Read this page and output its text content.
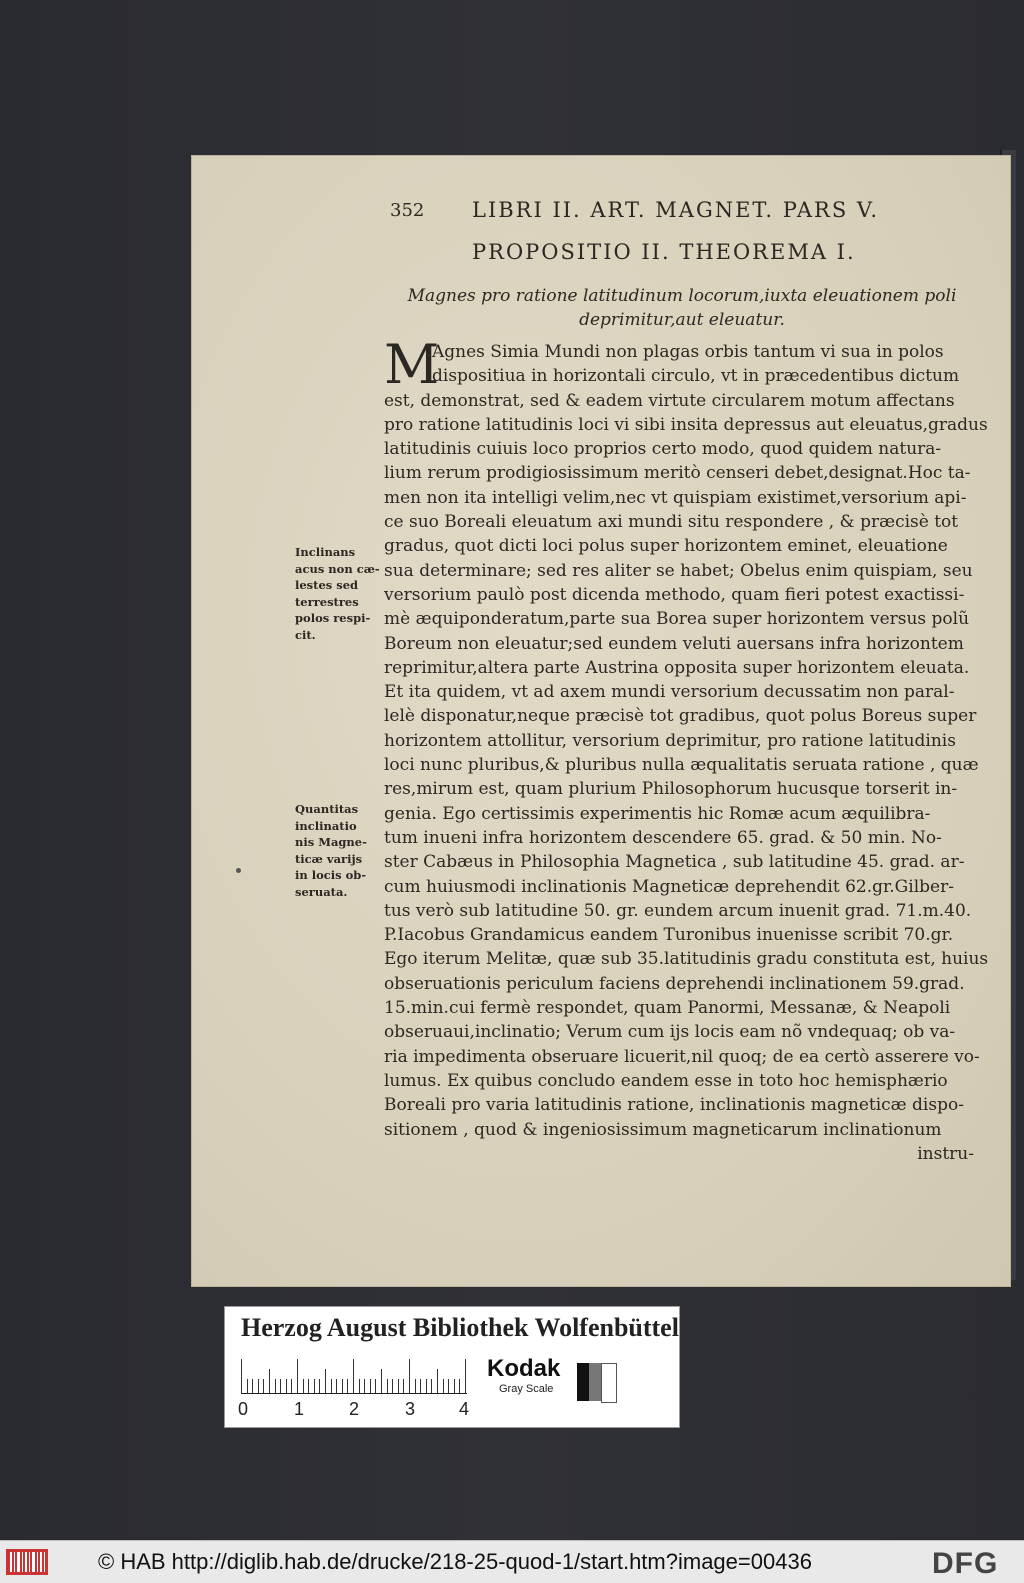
352 LIBRI II. ART. MAGNET. PARS V.
PROPOSITIO II. THEOREMA I.
Magnes pro ratione latitudinum locorum,iuxta eleuationem poli
deprimitur,aut eleuatur.
Inclinans
acus non cæ-
lestes sed
terrestres
polos respi-
cit.
Quantitas
inclinatio
nis Magne-
ticæ varijs
in locis ob-
seruata.
M
Agnes Simia Mundi non plagas orbis tantum vi sua in polos
dispositiua in horizontali circulo, vt in præcedentibus dictum
est, demonstrat, sed & eadem virtute circularem motum affectans
pro ratione latitudinis loci vi sibi insita depressus aut eleuatus,gradus
latitudinis cuiuis loco proprios certo modo, quod quidem natura-
lium rerum prodigiosissimum meritò censeri debet,designat.Hoc ta-
men non ita intelligi velim,nec vt quispiam existimet,versorium api-
ce suo Boreali eleuatum axi mundi situ respondere , & præcisè tot
gradus, quot dicti loci polus super horizontem eminet, eleuatione
sua determinare; sed res aliter se habet; Obelus enim quispiam, seu
versorium paulò post dicenda methodo, quam fieri potest exactissi-
mè æquiponderatum,parte sua Borea super horizontem versus polũ
Boreum non eleuatur;sed eundem veluti auersans infra horizontem
reprimitur,altera parte Austrina opposita super horizontem eleuata.
Et ita quidem, vt ad axem mundi versorium decussatim non paral-
lelè disponatur,neque præcisè tot gradibus, quot polus Boreus super
horizontem attollitur, versorium deprimitur, pro ratione latitudinis
loci nunc pluribus,& pluribus nulla æqualitatis seruata ratione , quæ
res,mirum est, quam plurium Philosophorum hucusque torserit in-
genia. Ego certissimis experimentis hic Romæ acum æquilibra-
tum inueni infra horizontem descendere 65. grad. & 50 min. No-
ster Cabæus in Philosophia Magnetica , sub latitudine 45. grad. ar-
cum huiusmodi inclinationis Magneticæ deprehendit 62.gr.Gilber-
tus verò sub latitudine 50. gr. eundem arcum inuenit grad. 71.m.40.
P.Iacobus Grandamicus eandem Turonibus inuenisse scribit 70.gr.
Ego iterum Melitæ, quæ sub 35.latitudinis gradu constituta est, huius
obseruationis periculum faciens deprehendi inclinationem 59.grad.
15.min.cui fermè respondet, quam Panormi, Messanæ, & Neapoli
obseruaui,inclinatio; Verum cum ijs locis eam nõ vndequaq; ob va-
ria impedimenta obseruare licuerit,nil quoq; de ea certò asserere vo-
lumus. Ex quibus concludo eandem esse in toto hoc hemisphærio
Boreali pro varia latitudinis ratione, inclinationis magneticæ dispo-
sitionem , quod & ingeniosissimum magneticarum inclinationum
instru-
Herzog August Bibliothek Wolfenbüttel
0	1 2	3 4
Kodak
Gray Scale
© HAB http://diglib.hab.de/drucke/218-25-quod-1/start.htm?image=00436	DFG
